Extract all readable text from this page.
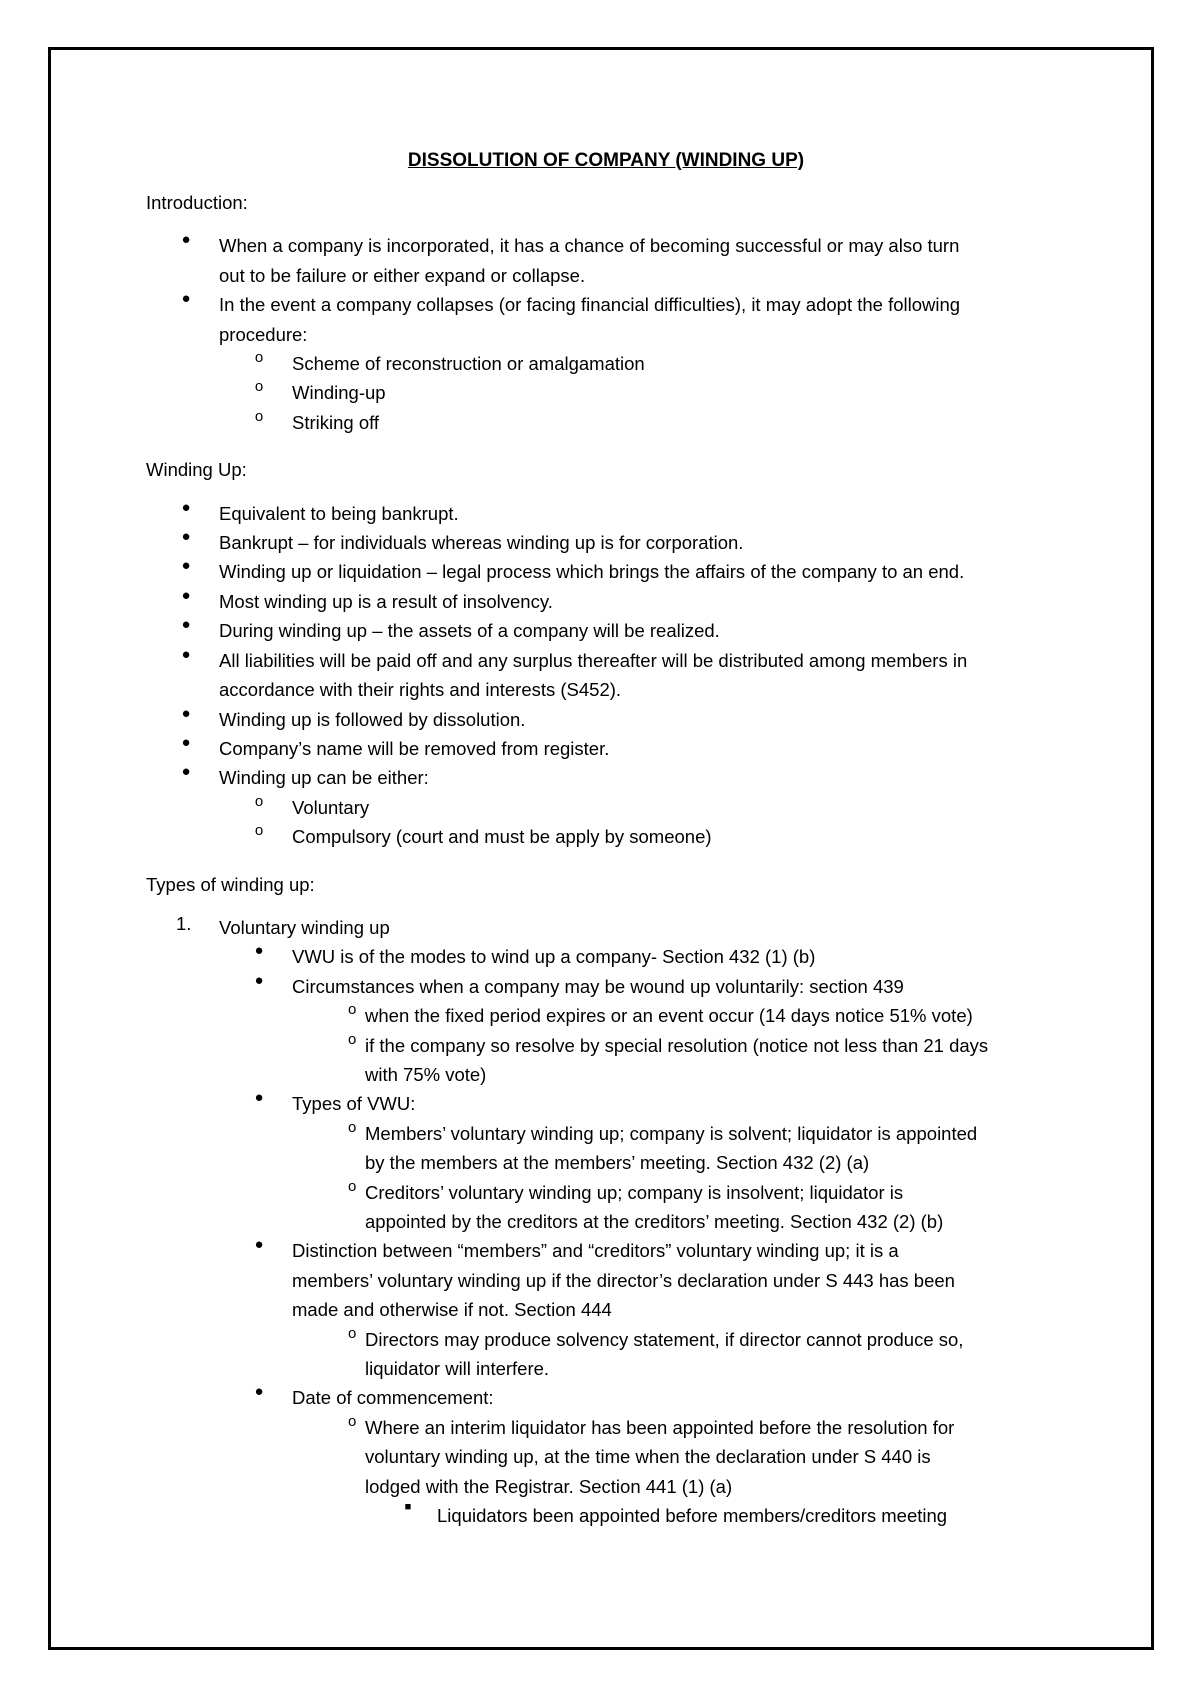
DISSOLUTION OF COMPANY (WINDING UP)
Introduction:
● When a company is incorporated, it has a chance of becoming successful or may also turn
out to be failure or either expand or collapse.
● In the event a company collapses (or facing financial difficulties), it may adopt the following
procedure:
o	Scheme of reconstruction or amalgamation
o	Winding-up
o	Striking off
Winding Up:
● Equivalent to being bankrupt.
● Bankrupt – for individuals whereas winding up is for corporation.
● Winding up or liquidation – legal process which brings the affairs of the company to an end.
● Most winding up is a result of insolvency.
● During winding up – the assets of a company will be realized.
● All liabilities will be paid off and any surplus thereafter will be distributed among members in
accordance with their rights and interests (S452).
● Winding up is followed by dissolution.
● Company’s name will be removed from register.
● Winding up can be either:
o	Voluntary
o	Compulsory (court and must be apply by someone)
Types of winding up:
1.	Voluntary winding up
● VWU is of the modes to wind up a company- Section 432 (1) (b)
● Circumstances when a company may be wound up voluntarily: section 439
o when the fixed period expires or an event occur (14 days notice 51% vote)
o if the company so resolve by special resolution (notice not less than 21 days
with 75% vote)
● Types of VWU:
o Members’ voluntary winding up; company is solvent; liquidator is appointed
by the members at the members’ meeting. Section 432 (2) (a)
o Creditors’ voluntary winding up; company is insolvent; liquidator is
appointed by the creditors at the creditors’ meeting. Section 432 (2) (b)
● Distinction between “members” and “creditors” voluntary winding up; it is a
members’ voluntary winding up if the director’s declaration under S 443 has been
made and otherwise if not. Section 444
o Directors may produce solvency statement, if director cannot produce so,
liquidator will interfere.
● Date of commencement:
o Where an interim liquidator has been appointed before the resolution for
voluntary winding up, at the time when the declaration under S 440 is
lodged with the Registrar. Section 441 (1) (a)
■	Liquidators been appointed before members/creditors meeting
